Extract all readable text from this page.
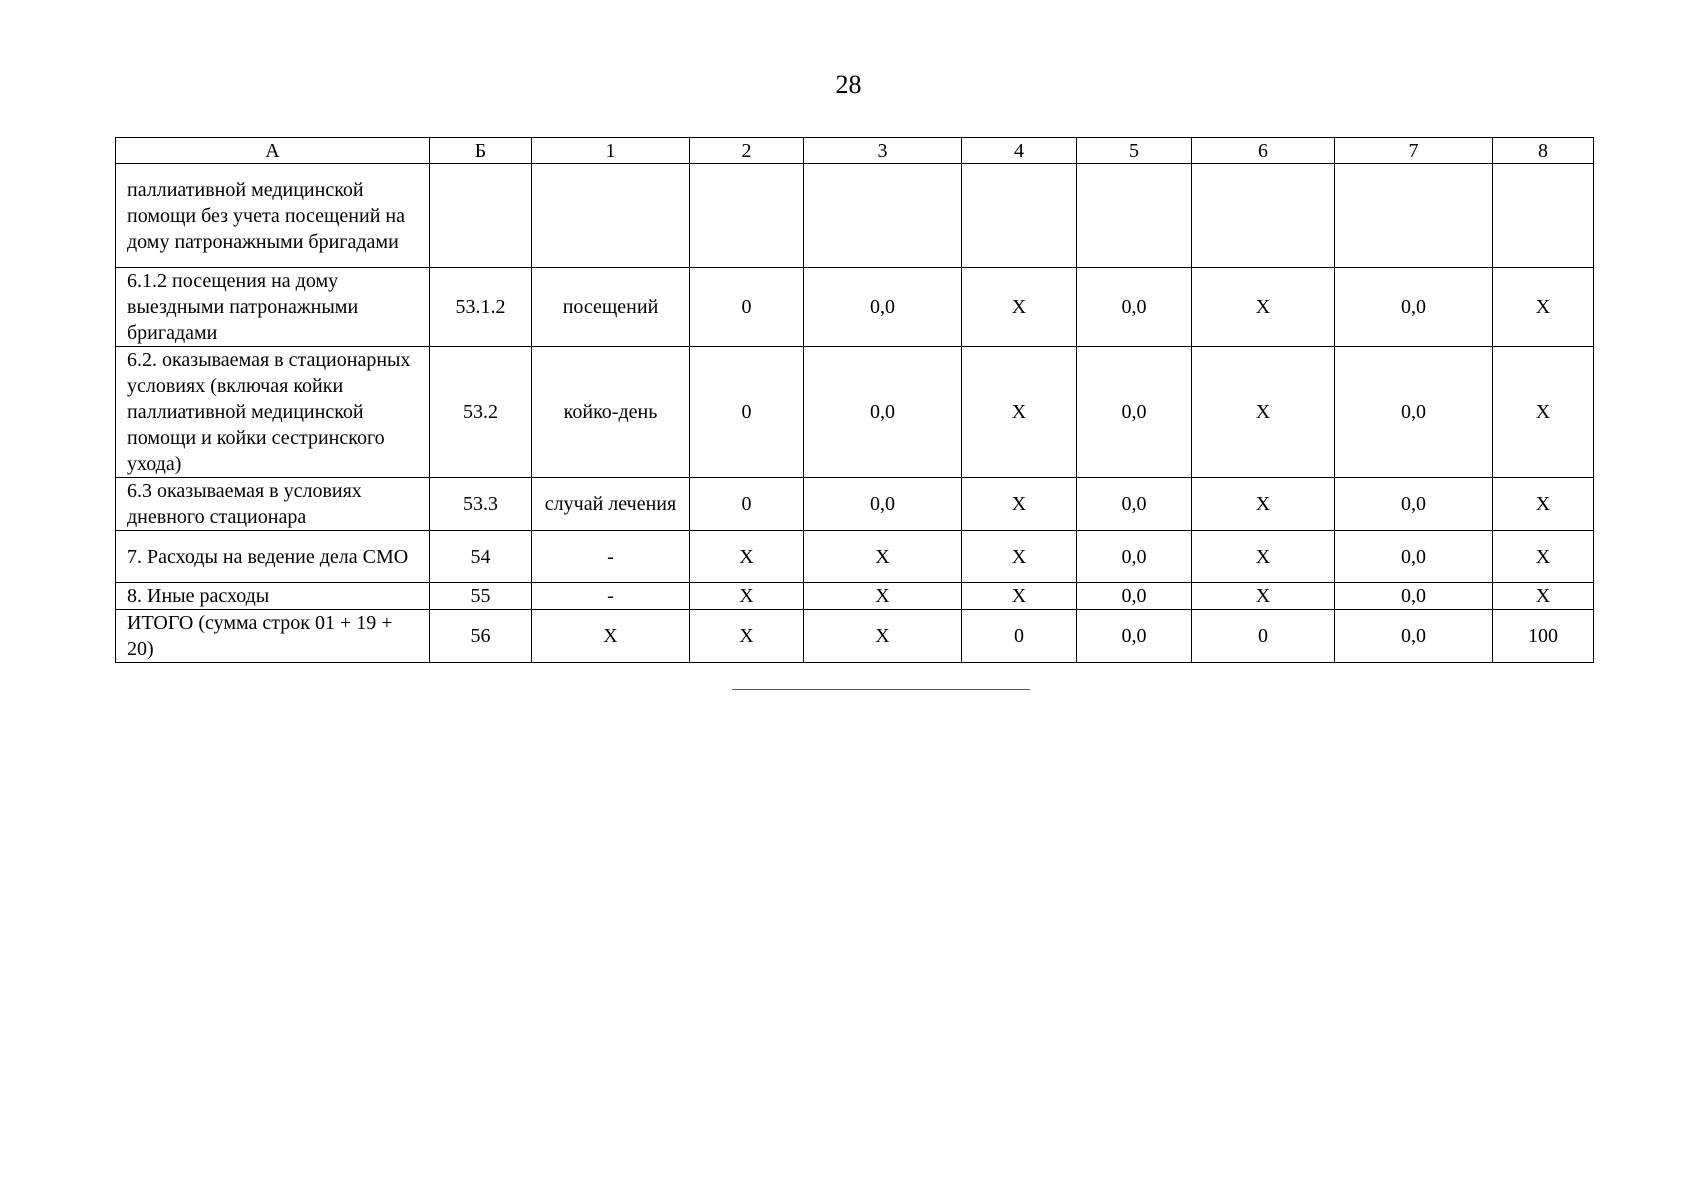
28
А	Б	1	2	3	4	5	6	7	8
паллиативной медицинской помощи без учета посещений на дому патронажными бригадами									
6.1.2 посещения на дому выездными патронажными бригадами	53.1.2	посещений	0	0,0	Х	0,0	Х	0,0	Х
6.2. оказываемая в стационарных условиях (включая койки паллиативной медицинской помощи и койки сестринского ухода)	53.2	койко-день	0	0,0	Х	0,0	Х	0,0	Х
6.3 оказываемая в условиях дневного стационара	53.3	случай лечения	0	0,0	Х	0,0	Х	0,0	Х
7. Расходы на ведение дела СМО	54	-	Х	Х	Х	0,0	Х	0,0	Х
8. Иные расходы	55	-	Х	Х	Х	0,0	Х	0,0	Х
ИТОГО (сумма строк 01 + 19 + 20)	56	Х	Х	Х	0	0,0	0	0,0	100
